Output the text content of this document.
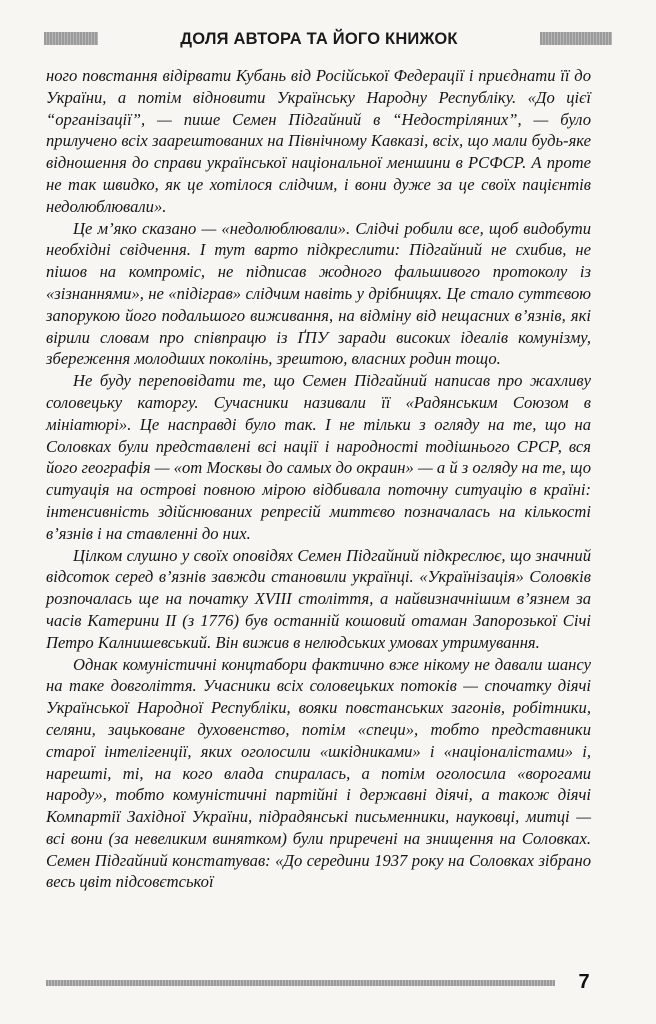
ДОЛЯ АВТОРА ТА ЙОГО КНИЖОК

ного повстання відірвати Кубань від Російської Федерації і приєднати її до України, а потім відновити Українську Народну Республіку. «До цієї “організації”, — пише Семен Підгайний в “Недостріляних”, — було прилучено всіх заарештованих на Північному Кавказі, всіх, що мали будь-яке відношення до справи української національної меншини в РСФСР. А проте не так швидко, як це хотілося слідчим, і вони дуже за це своїх пацієнтів недолюблювали».

Це м’яко сказано — «недолюблювали». Слідчі робили все, щоб видобути необхідні свідчення. І тут варто підкреслити: Підгайний не схибив, не пішов на компроміс, не підписав жодного фальшивого протоколу із «зізнаннями», не «підіграв» слідчим навіть у дрібницях. Це стало суттєвою запорукою його подальшого виживання, на відміну від нещасних в’язнів, які вірили словам про співпрацю із ҐПУ заради високих ідеалів комунізму, збереження молодших поколінь, зрештою, власних родин тощо.

Не буду переповідати те, що Семен Підгайний написав про жахливу соловецьку каторгу. Сучасники називали її «Радянським Союзом в мініатюрі». Це насправді було так. І не тільки з огляду на те, що на Соловках були представлені всі нації і народності тодішнього СРСР, вся його географія — «от Москвы до самых до окраин» — а й з огляду на те, що ситуація на острові повною мірою відбивала поточну ситуацію в країні: інтенсивність здійснюваних репресій миттєво позначалась на кількості в’язнів і на ставленні до них.

Цілком слушно у своїх оповідях Семен Підгайний підкреслює, що значний відсоток серед в’язнів завжди становили українці. «Українізація» Соловків розпочалась ще на початку XVIII століття, а найвизначнішим в’язнем за часів Катерини ІІ (з 1776) був останній кошовий отаман Запорозької Січі Петро Калнишевський. Він вижив в нелюдських умовах утримування.

Однак комуністичні концтабори фактично вже нікому не давали шансу на таке довголіття. Учасники всіх соловецьких потоків — спочатку діячі Української Народної Республіки, вояки повстанських загонів, робітники, селяни, зацьковане духовенство, потім «специ», тобто представники старої інтелігенції, яких оголосили «шкідниками» і «націоналістами» і, нарешті, ті, на кого влада спиралась, а потім оголосила «ворогами народу», тобто комуністичні партійні і державні діячі, а також діячі Компартії Західної України, підрадянські письменники, науковці, митці — всі вони (за невеликим винятком) були приречені на знищення на Соловках. Семен Підгайний констатував: «До середини 1937 року на Соловках зібрано весь цвіт підсовєтської

7
